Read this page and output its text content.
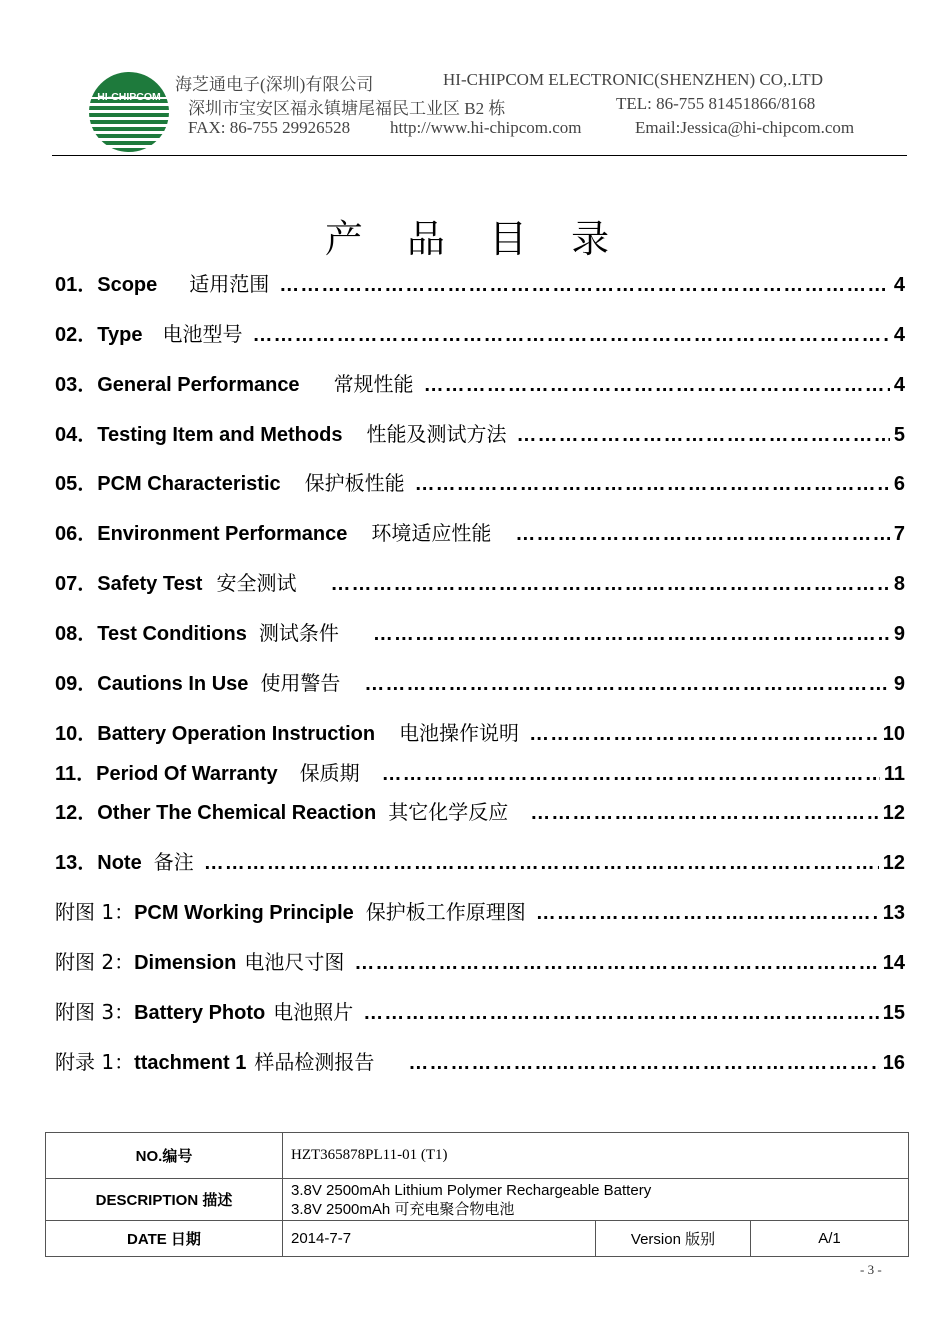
HI-CHIPCOM
海芝通电子(深圳)有限公司	HI-CHIPCOM ELECTRONIC(SHENZHEN) CO,.LTD
深圳市宝安区福永镇塘尾福民工业区 B2 栋	TEL: 86-755 81451866/8168
FAX: 86-755 29926528 http://www.hi-chipcom.com	Email:Jessica@hi-chipcom.com
产 品 目 录
01．Scope 适用范围 ……………………………………………………………………………………………………………………………………………………………………………………	4
02．Type 电池型号 ……………………………………………………………………………………………………………………………………………………………………………………	4
03．General Performance 常规性能 ……………………………………………………………………………………………………………………………………………………………………………………	4
04．Testing Item and Methods 性能及测试方法 ……………………………………………………………………………………………………………………………………………………………………………………	5
05．PCM Characteristic 保护板性能 ……………………………………………………………………………………………………………………………………………………………………………………	6
06．Environment Performance 环境适应性能 ……………………………………………………………………………………………………………………………………………………………………………………	7
07．Safety Test 安全测试 ……………………………………………………………………………………………………………………………………………………………………………………	8
08．Test Conditions 测试条件 ……………………………………………………………………………………………………………………………………………………………………………………	9
09．Cautions In Use 使用警告 ……………………………………………………………………………………………………………………………………………………………………………………	9
10．Battery Operation Instruction 电池操作说明 ……………………………………………………………………………………………………………………………………………………………………………………	10
11．Period Of Warranty 保质期 ……………………………………………………………………………………………………………………………………………………………………………………	11
12．Other The Chemical Reaction 其它化学反应 ……………………………………………………………………………………………………………………………………………………………………………………	12
13．Note 备注 ……………………………………………………………………………………………………………………………………………………………………………………	12
附图 1： PCM Working Principle 保护板工作原理图 ……………………………………………………………………………………………………………………………………………………………………………………	13
附图 2： Dimension 电池尺寸图 ……………………………………………………………………………………………………………………………………………………………………………………	14
附图 3： Battery Photo 电池照片 ……………………………………………………………………………………………………………………………………………………………………………………	15
附录 1： ttachment 1 样品检测报告 ……………………………………………………………………………………………………………………………………………………………………………………	16
NO.编号	HZT365878PL11-01 (T1)		
DESCRIPTION 描述	3.8V 2500mAh Lithium Polymer Rechargeable Battery
3.8V 2500mAh 可充电聚合物电池		

DATE 日期	2014-7-7	Version 版别	A/1
- 3 -
